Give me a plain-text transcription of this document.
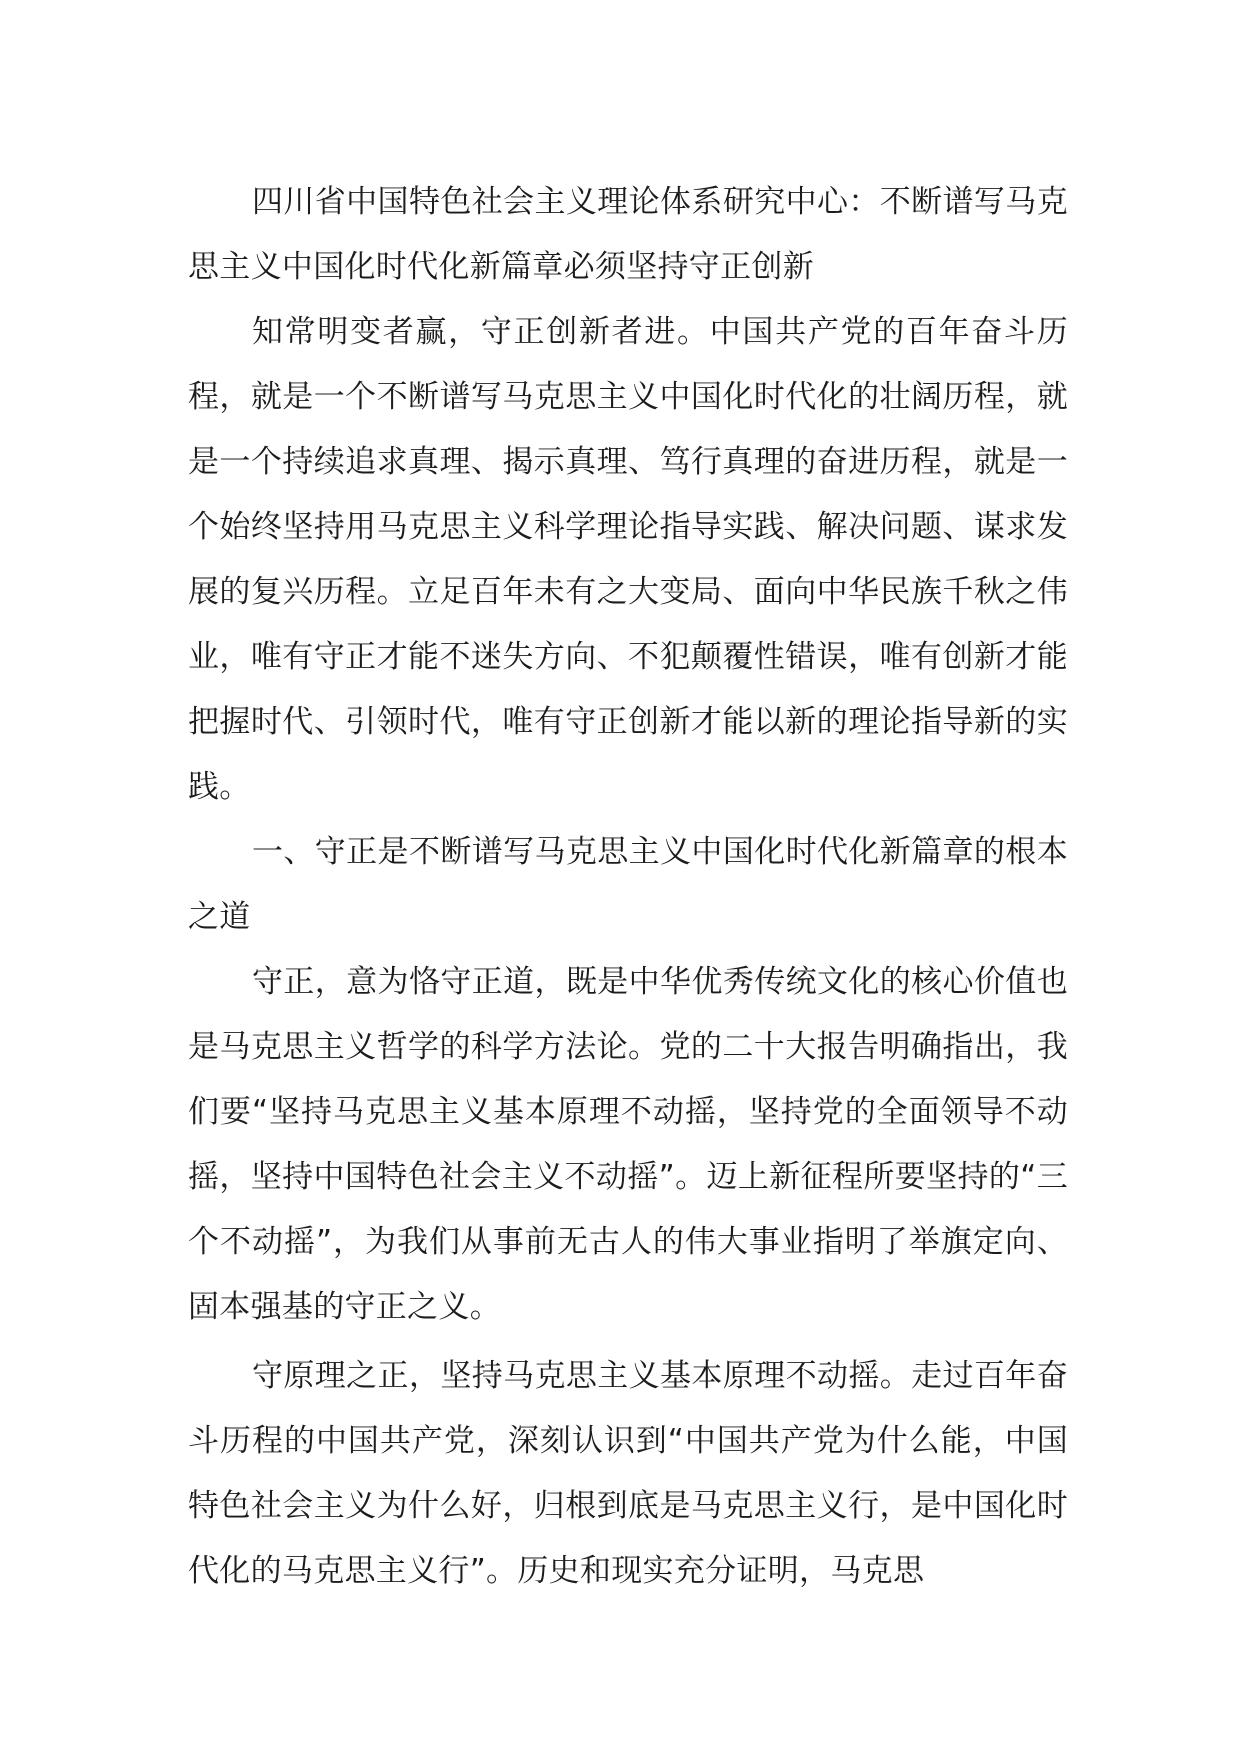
四川省中国特色社会主义理论体系研究中心：不断谱写马克思主义中国化时代化新篇章必须坚持守正创新

知常明变者赢，守正创新者进。中国共产党的百年奋斗历程，就是一个不断谱写马克思主义中国化时代化的壮阔历程，就是一个持续追求真理、揭示真理、笃行真理的奋进历程，就是一个始终坚持用马克思主义科学理论指导实践、解决问题、谋求发展的复兴历程。立足百年未有之大变局、面向中华民族千秋之伟业，唯有守正才能不迷失方向、不犯颠覆性错误，唯有创新才能把握时代、引领时代，唯有守正创新才能以新的理论指导新的实践。

一、守正是不断谱写马克思主义中国化时代化新篇章的根本之道

守正，意为恪守正道，既是中华优秀传统文化的核心价值也是马克思主义哲学的科学方法论。党的二十大报告明确指出，我们要“坚持马克思主义基本原理不动摇，坚持党的全面领导不动摇，坚持中国特色社会主义不动摇”。迈上新征程所要坚持的“三个不动摇”，为我们从事前无古人的伟大事业指明了举旗定向、固本强基的守正之义。

守原理之正，坚持马克思主义基本原理不动摇。走过百年奋斗历程的中国共产党，深刻认识到“中国共产党为什么能，中国特色社会主义为什么好，归根到底是马克思主义行，是中国化时代化的马克思主义行”。历史和现实充分证明，马克思
